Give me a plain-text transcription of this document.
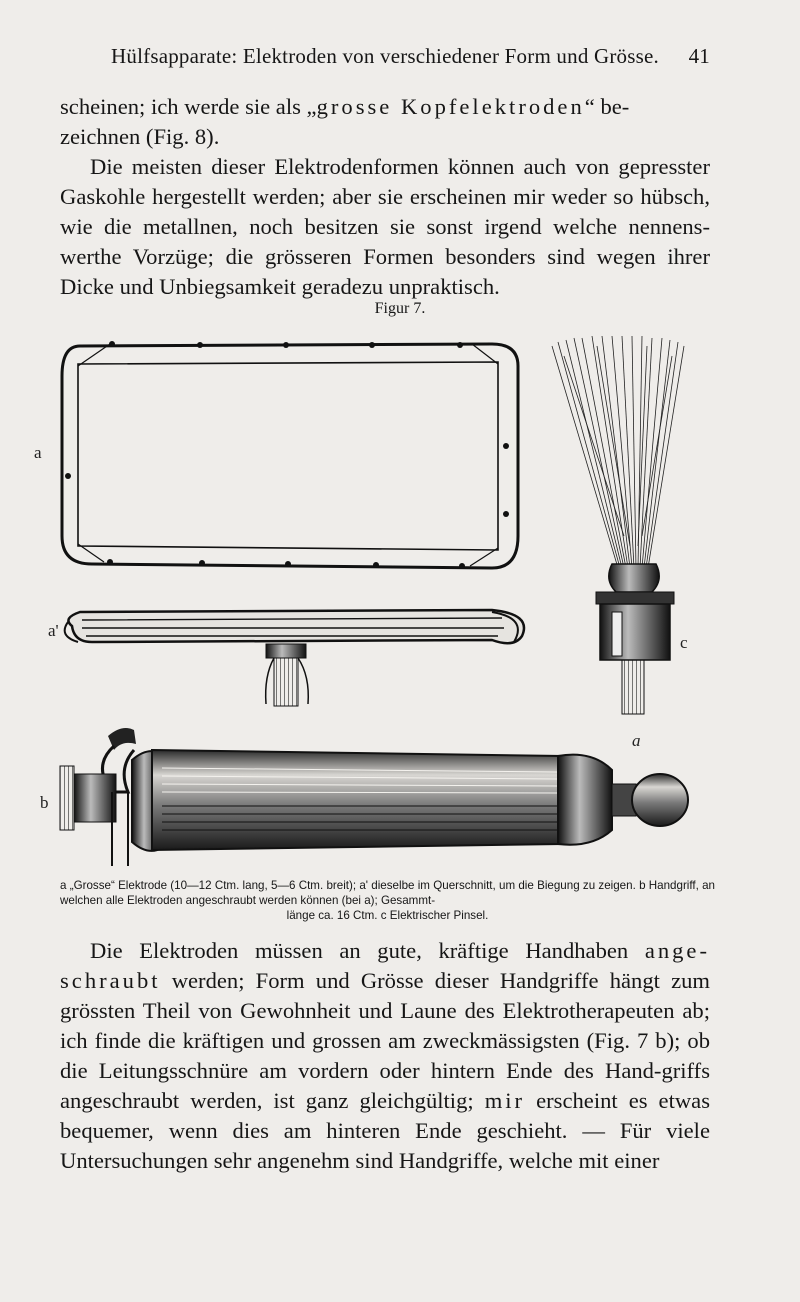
Hülfsapparate: Elektroden von verschiedener Form und Grösse. 41

scheinen; ich werde sie als „grosse Kopfelektroden“ be-
zeichnen (Fig. 8).

Die meisten dieser Elektrodenformen können auch von gepresster Gaskohle hergestellt werden; aber sie erscheinen mir weder so hübsch, wie die metallnen, noch besitzen sie sonst irgend welche nennens-werthe Vorzüge; die grösseren Formen besonders sind wegen ihrer Dicke und Unbiegsamkeit geradezu unpraktisch.

Figur 7.
a
a'
c
b
a
a „Grosse“ Elektrode (10—12 Ctm. lang, 5—6 Ctm. breit); a' dieselbe im Querschnitt, um die Biegung zu zeigen. b Handgriff, an welchen alle Elektroden angeschraubt werden können (bei a); Gesammt-
länge ca. 16 Ctm. c Elektrischer Pinsel.

Die Elektroden müssen an gute, kräftige Handhaben ange-schraubt werden; Form und Grösse dieser Handgriffe hängt zum grössten Theil von Gewohnheit und Laune des Elektrotherapeuten ab; ich finde die kräftigen und grossen am zweckmässigsten (Fig. 7 b); ob die Leitungsschnüre am vordern oder hintern Ende des Hand-griffs angeschraubt werden, ist ganz gleichgültig; mir erscheint es etwas bequemer, wenn dies am hinteren Ende geschieht. — Für viele Untersuchungen sehr angenehm sind Handgriffe, welche mit einer
